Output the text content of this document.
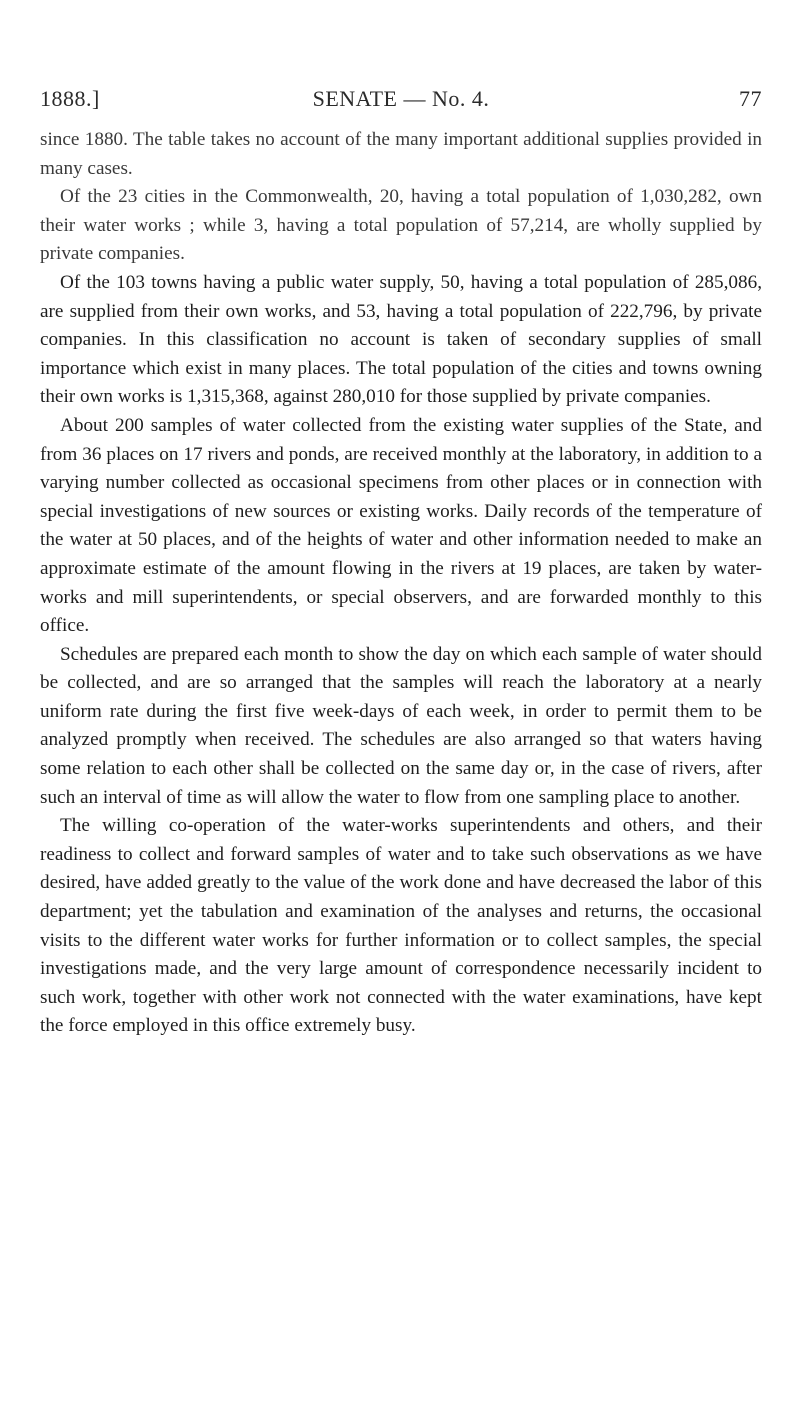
1888.]	SENATE — No. 4.	77

since 1880. The table takes no account of the many important additional supplies provided in many cases.

Of the 23 cities in the Commonwealth, 20, having a total population of 1,030,282, own their water works ; while 3, having a total population of 57,214, are wholly supplied by private companies.

Of the 103 towns having a public water supply, 50, having a total population of 285,086, are supplied from their own works, and 53, having a total population of 222,796, by private companies. In this classification no account is taken of secondary supplies of small importance which exist in many places. The total population of the cities and towns owning their own works is 1,315,368, against 280,010 for those supplied by private companies.

About 200 samples of water collected from the existing water supplies of the State, and from 36 places on 17 rivers and ponds, are received monthly at the laboratory, in addition to a varying number collected as occasional specimens from other places or in connection with special investigations of new sources or existing works. Daily records of the temperature of the water at 50 places, and of the heights of water and other information needed to make an approximate estimate of the amount flowing in the rivers at 19 places, are taken by water-works and mill superintendents, or special observers, and are forwarded monthly to this office.

Schedules are prepared each month to show the day on which each sample of water should be collected, and are so arranged that the samples will reach the laboratory at a nearly uniform rate during the first five week-days of each week, in order to permit them to be analyzed promptly when received. The schedules are also arranged so that waters having some relation to each other shall be collected on the same day or, in the case of rivers, after such an interval of time as will allow the water to flow from one sampling place to another.

The willing co-operation of the water-works superintendents and others, and their readiness to collect and forward samples of water and to take such observations as we have desired, have added greatly to the value of the work done and have decreased the labor of this department; yet the tabulation and examination of the analyses and returns, the occasional visits to the different water works for further information or to collect samples, the special investigations made, and the very large amount of correspondence necessarily incident to such work, together with other work not connected with the water examinations, have kept the force employed in this office extremely busy.
